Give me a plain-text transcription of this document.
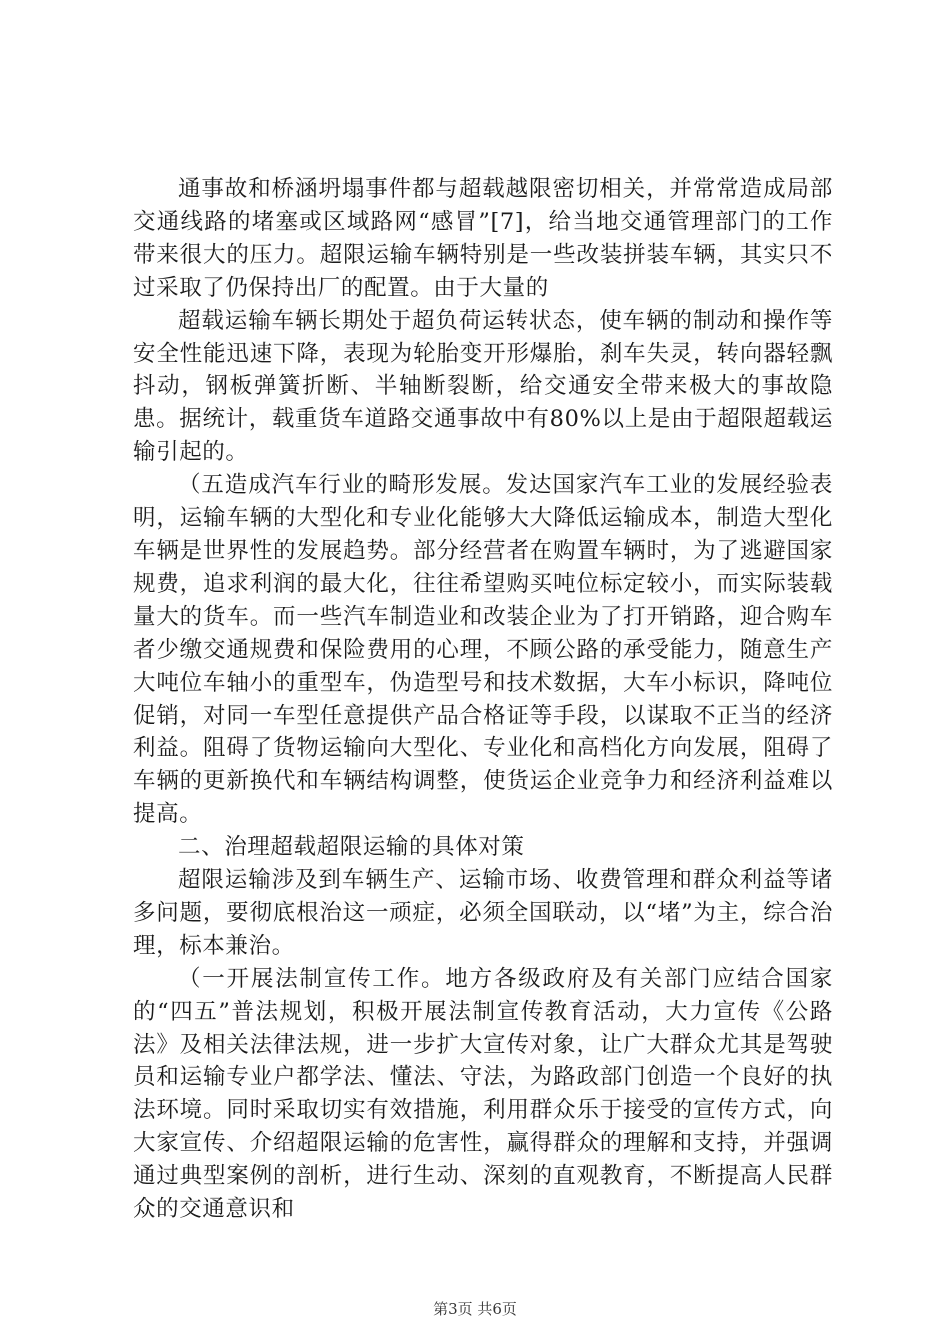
通事故和桥涵坍塌事件都与超载越限密切相关，并常常造成局部交通线路的堵塞或区域路网“感冒”[7]，给当地交通管理部门的工作带来很大的压力。超限运输车辆特别是一些改装拼装车辆，其实只不过采取了仍保持出厂的配置。由于大量的

超载运输车辆长期处于超负荷运转状态，使车辆的制动和操作等安全性能迅速下降，表现为轮胎变开形爆胎，刹车失灵，转向器轻飘抖动，钢板弹簧折断、半轴断裂断，给交通安全带来极大的事故隐患。据统计，载重货车道路交通事故中有80%以上是由于超限超载运输引起的。

（五造成汽车行业的畸形发展。发达国家汽车工业的发展经验表明，运输车辆的大型化和专业化能够大大降低运输成本，制造大型化车辆是世界性的发展趋势。部分经营者在购置车辆时，为了逃避国家规费，追求利润的最大化，往往希望购买吨位标定较小，而实际装载量大的货车。而一些汽车制造业和改装企业为了打开销路，迎合购车者少缴交通规费和保险费用的心理，不顾公路的承受能力，随意生产大吨位车轴小的重型车，伪造型号和技术数据，大车小标识，降吨位促销，对同一车型任意提供产品合格证等手段，以谋取不正当的经济利益。阻碍了货物运输向大型化、专业化和高档化方向发展，阻碍了车辆的更新换代和车辆结构调整，使货运企业竞争力和经济利益难以提高。

二、治理超载超限运输的具体对策

超限运输涉及到车辆生产、运输市场、收费管理和群众利益等诸多问题，要彻底根治这一顽症，必须全国联动，以“堵”为主，综合治理，标本兼治。

（一开展法制宣传工作。地方各级政府及有关部门应结合国家的“四五”普法规划，积极开展法制宣传教育活动，大力宣传《公路法》及相关法律法规，进一步扩大宣传对象，让广大群众尤其是驾驶员和运输专业户都学法、懂法、守法，为路政部门创造一个良好的执法环境。同时采取切实有效措施，利用群众乐于接受的宣传方式，向大家宣传、介绍超限运输的危害性，赢得群众的理解和支持，并强调通过典型案例的剖析，进行生动、深刻的直观教育，不断提高人民群众的交通意识和

第3页 共6页
